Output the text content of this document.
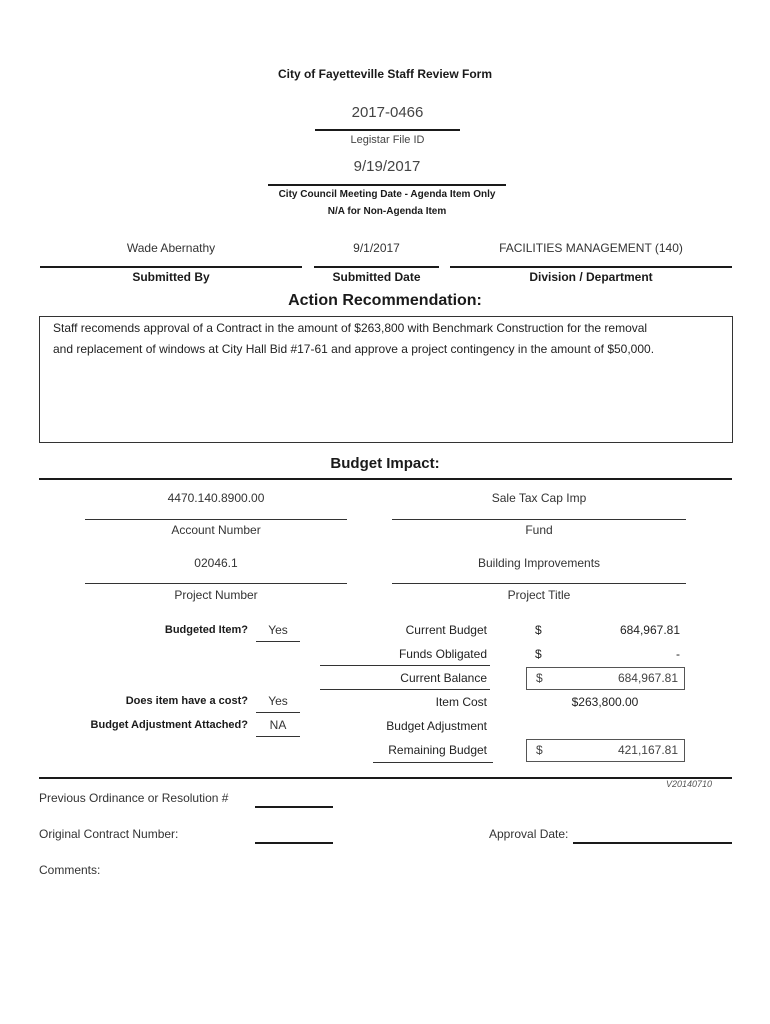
City of Fayetteville Staff Review Form
2017-0466
Legistar File ID
9/19/2017
City Council Meeting Date - Agenda Item Only
N/A for Non-Agenda Item
Wade Abernathy
Submitted By
9/1/2017
Submitted Date
FACILITIES MANAGEMENT (140)
Division / Department
Action Recommendation:
Staff recomends approval of a Contract in the amount of $263,800 with Benchmark Construction for the removal
and replacement of windows at City Hall Bid #17-61 and approve a project contingency in the amount of $50,000.
Budget Impact:
4470.140.8900.00
Account Number
Sale Tax Cap Imp
Fund
02046.1
Project Number
Building Improvements
Project Title
Budgeted Item?	Yes
Does item have a cost?	Yes
Budget Adjustment Attached?	NA
Current Budget	$	684,967.81
Funds Obligated	$	-
Current Balance	$	684,967.81
Item Cost	$263,800.00
Budget Adjustment
Remaining Budget	$	421,167.81
V20140710
Previous Ordinance or Resolution #
Original Contract Number:	Approval Date:
Comments:
